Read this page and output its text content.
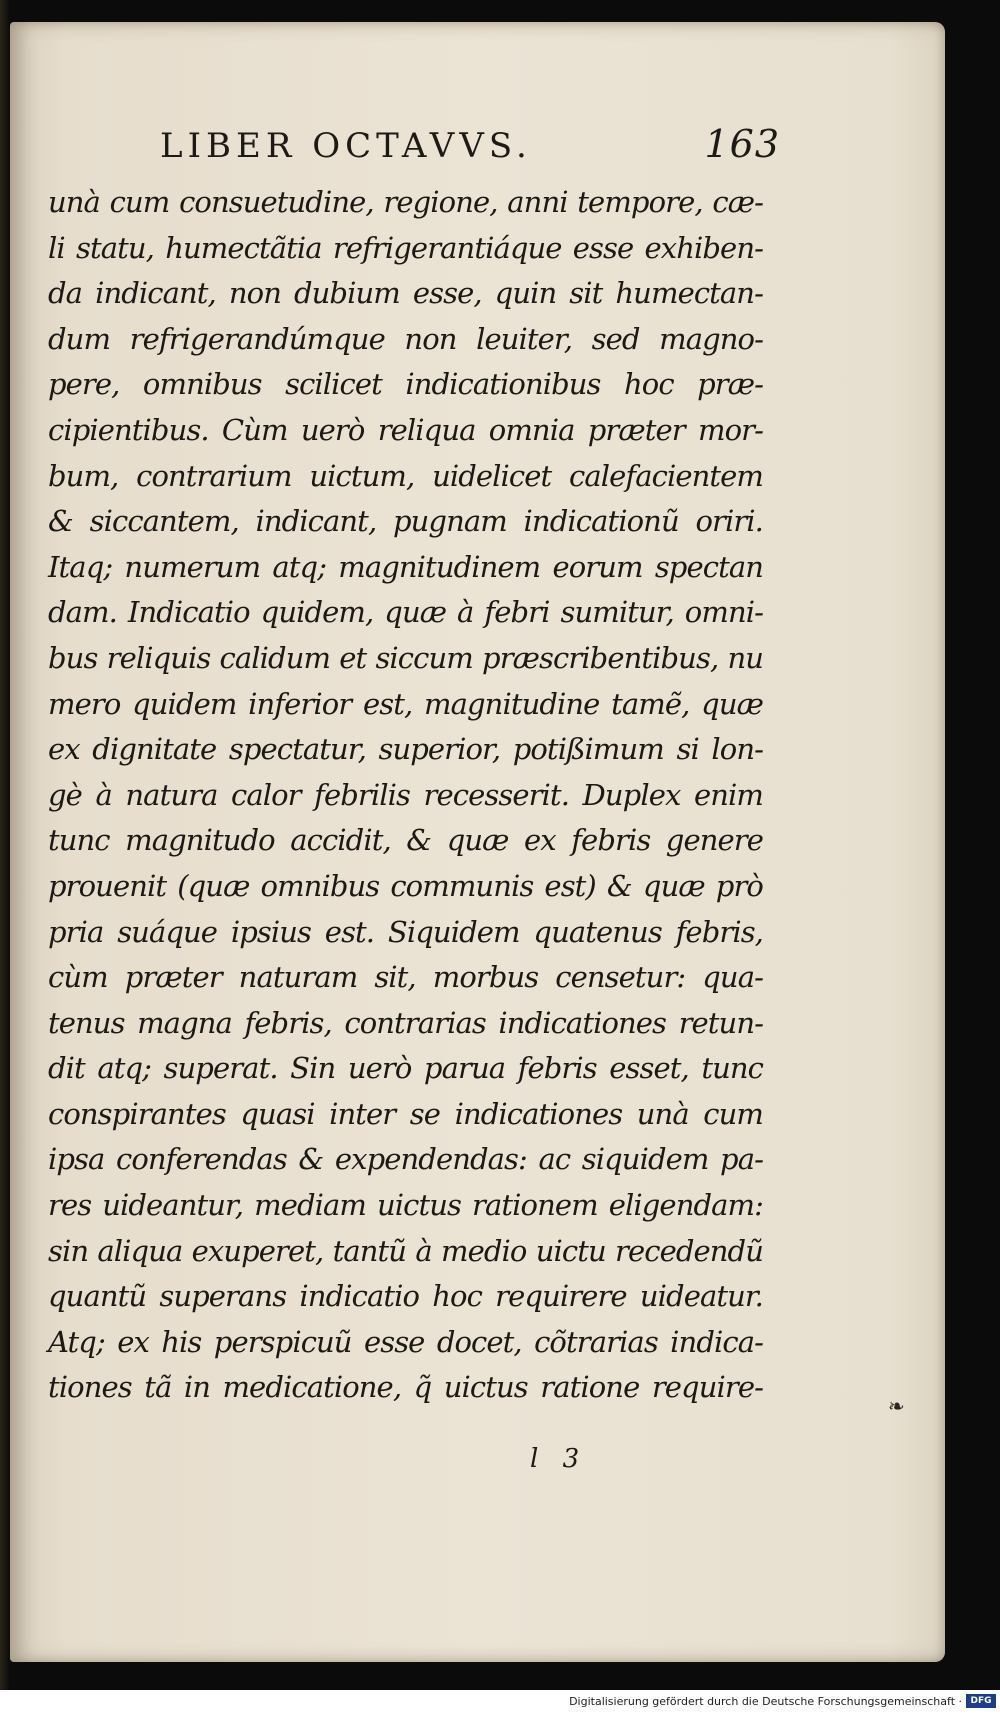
LIBER OCTAVVS.	163
unà cum consuetudine, regione, anni tempore, cæ-
li statu, humectãtia refrigerantiáque esse exhiben-
da indicant, non dubium esse, quin sit humectan-
dum refrigerandúmque non leuiter, sed magno-
pere, omnibus scilicet indicationibus hoc præ-
cipientibus. Cùm uerò reliqua omnia præter mor-
bum, contrarium uictum, uidelicet calefacientem
& siccantem, indicant, pugnam indicationũ oriri.
Itaq; numerum atq; magnitudinem eorum spectan
dam. Indicatio quidem, quæ à febri sumitur, omni-
bus reliquis calidum et siccum præscribentibus, nu
mero quidem inferior est, magnitudine tamẽ, quæ
ex dignitate spectatur, superior, potißimum si lon-
gè à natura calor febrilis recesserit. Duplex enim
tunc magnitudo accidit, & quæ ex febris genere
prouenit (quæ omnibus communis est) & quæ prò
pria suáque ipsius est. Siquidem quatenus febris,
cùm præter naturam sit, morbus censetur: qua-
tenus magna febris, contrarias indicationes retun-
dit atq; superat. Sin uerò parua febris esset, tunc
conspirantes quasi inter se indicationes unà cum
ipsa conferendas & expendendas: ac siquidem pa-
res uideantur, mediam uictus rationem eligendam:
sin aliqua exuperet, tantũ à medio uictu recedendũ
quantũ superans indicatio hoc requirere uideatur.
Atq; ex his perspicuũ esse docet, cõtrarias indica-
tiones tã in medicatione, q̃ uictus ratione require-
l 3
❧
Digitalisierung gefördert durch die Deutsche Forschungsgemeinschaft · DFG
